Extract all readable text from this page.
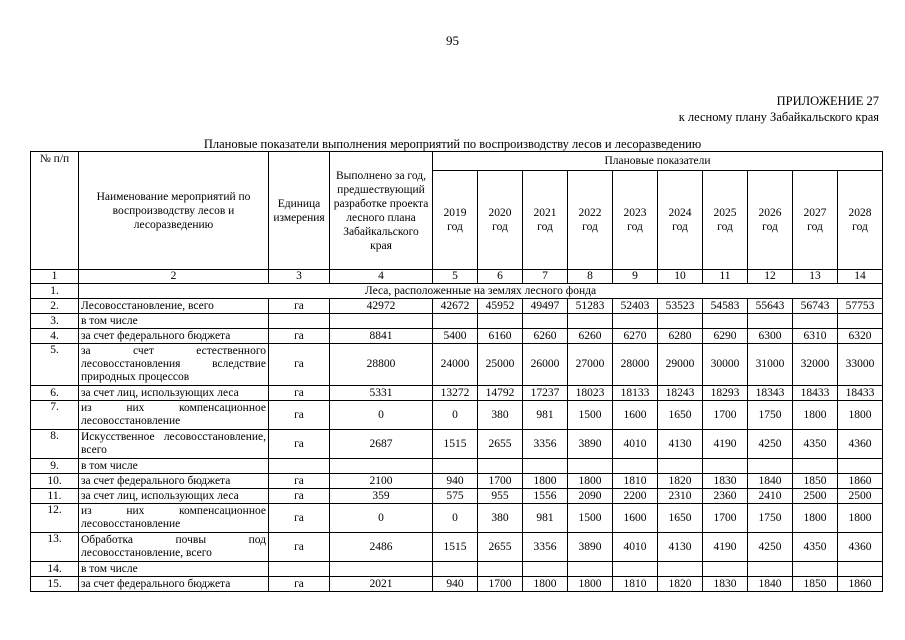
95
ПРИЛОЖЕНИЕ 27
к лесному плану Забайкальского края
Плановые показатели выполнения мероприятий по воспроизводству лесов и лесоразведению
№ п/п	Наименование мероприятий по воспроизводству лесов и лесоразведению	Единица измерения	Выполнено за год, предшествующий разработке проекта лесного плана Забайкальского края	Плановые показатели									
				2019 год	2020 год	2021 год	2022 год	2023 год	2024 год	2025 год	2026 год	2027 год	2028 год
1	2	3	4	5	6	7	8	9	10	11	12	13	14
1.	Леса, расположенные на землях лесного фонда												
2.	Лесовосстановление, всего	га	42972	42672	45952	49497	51283	52403	53523	54583	55643	56743	57753
3.	в том числе												
4.	за счет федерального бюджета	га	8841	5400	6160	6260	6260	6270	6280	6290	6300	6310	6320
5.	за счет естественного лесовосстановления вследствие природных процессов	га	28800	24000	25000	26000	27000	28000	29000	30000	31000	32000	33000
6.	за счет лиц, использующих леса	га	5331	13272	14792	17237	18023	18133	18243	18293	18343	18433	18433
7.	из них компенсационное лесовосстановление	га	0	0	380	981	1500	1600	1650	1700	1750	1800	1800
8.	Искусственное лесовосстановление, всего	га	2687	1515	2655	3356	3890	4010	4130	4190	4250	4350	4360
9.	в том числе												
10.	за счет федерального бюджета	га	2100	940	1700	1800	1800	1810	1820	1830	1840	1850	1860
11.	за счет лиц, использующих леса	га	359	575	955	1556	2090	2200	2310	2360	2410	2500	2500
12.	из них компенсационное лесовосстановление	га	0	0	380	981	1500	1600	1650	1700	1750	1800	1800
13.	Обработка почвы под лесовосстановление, всего	га	2486	1515	2655	3356	3890	4010	4130	4190	4250	4350	4360
14.	в том числе												
15.	за счет федерального бюджета	га	2021	940	1700	1800	1800	1810	1820	1830	1840	1850	1860
